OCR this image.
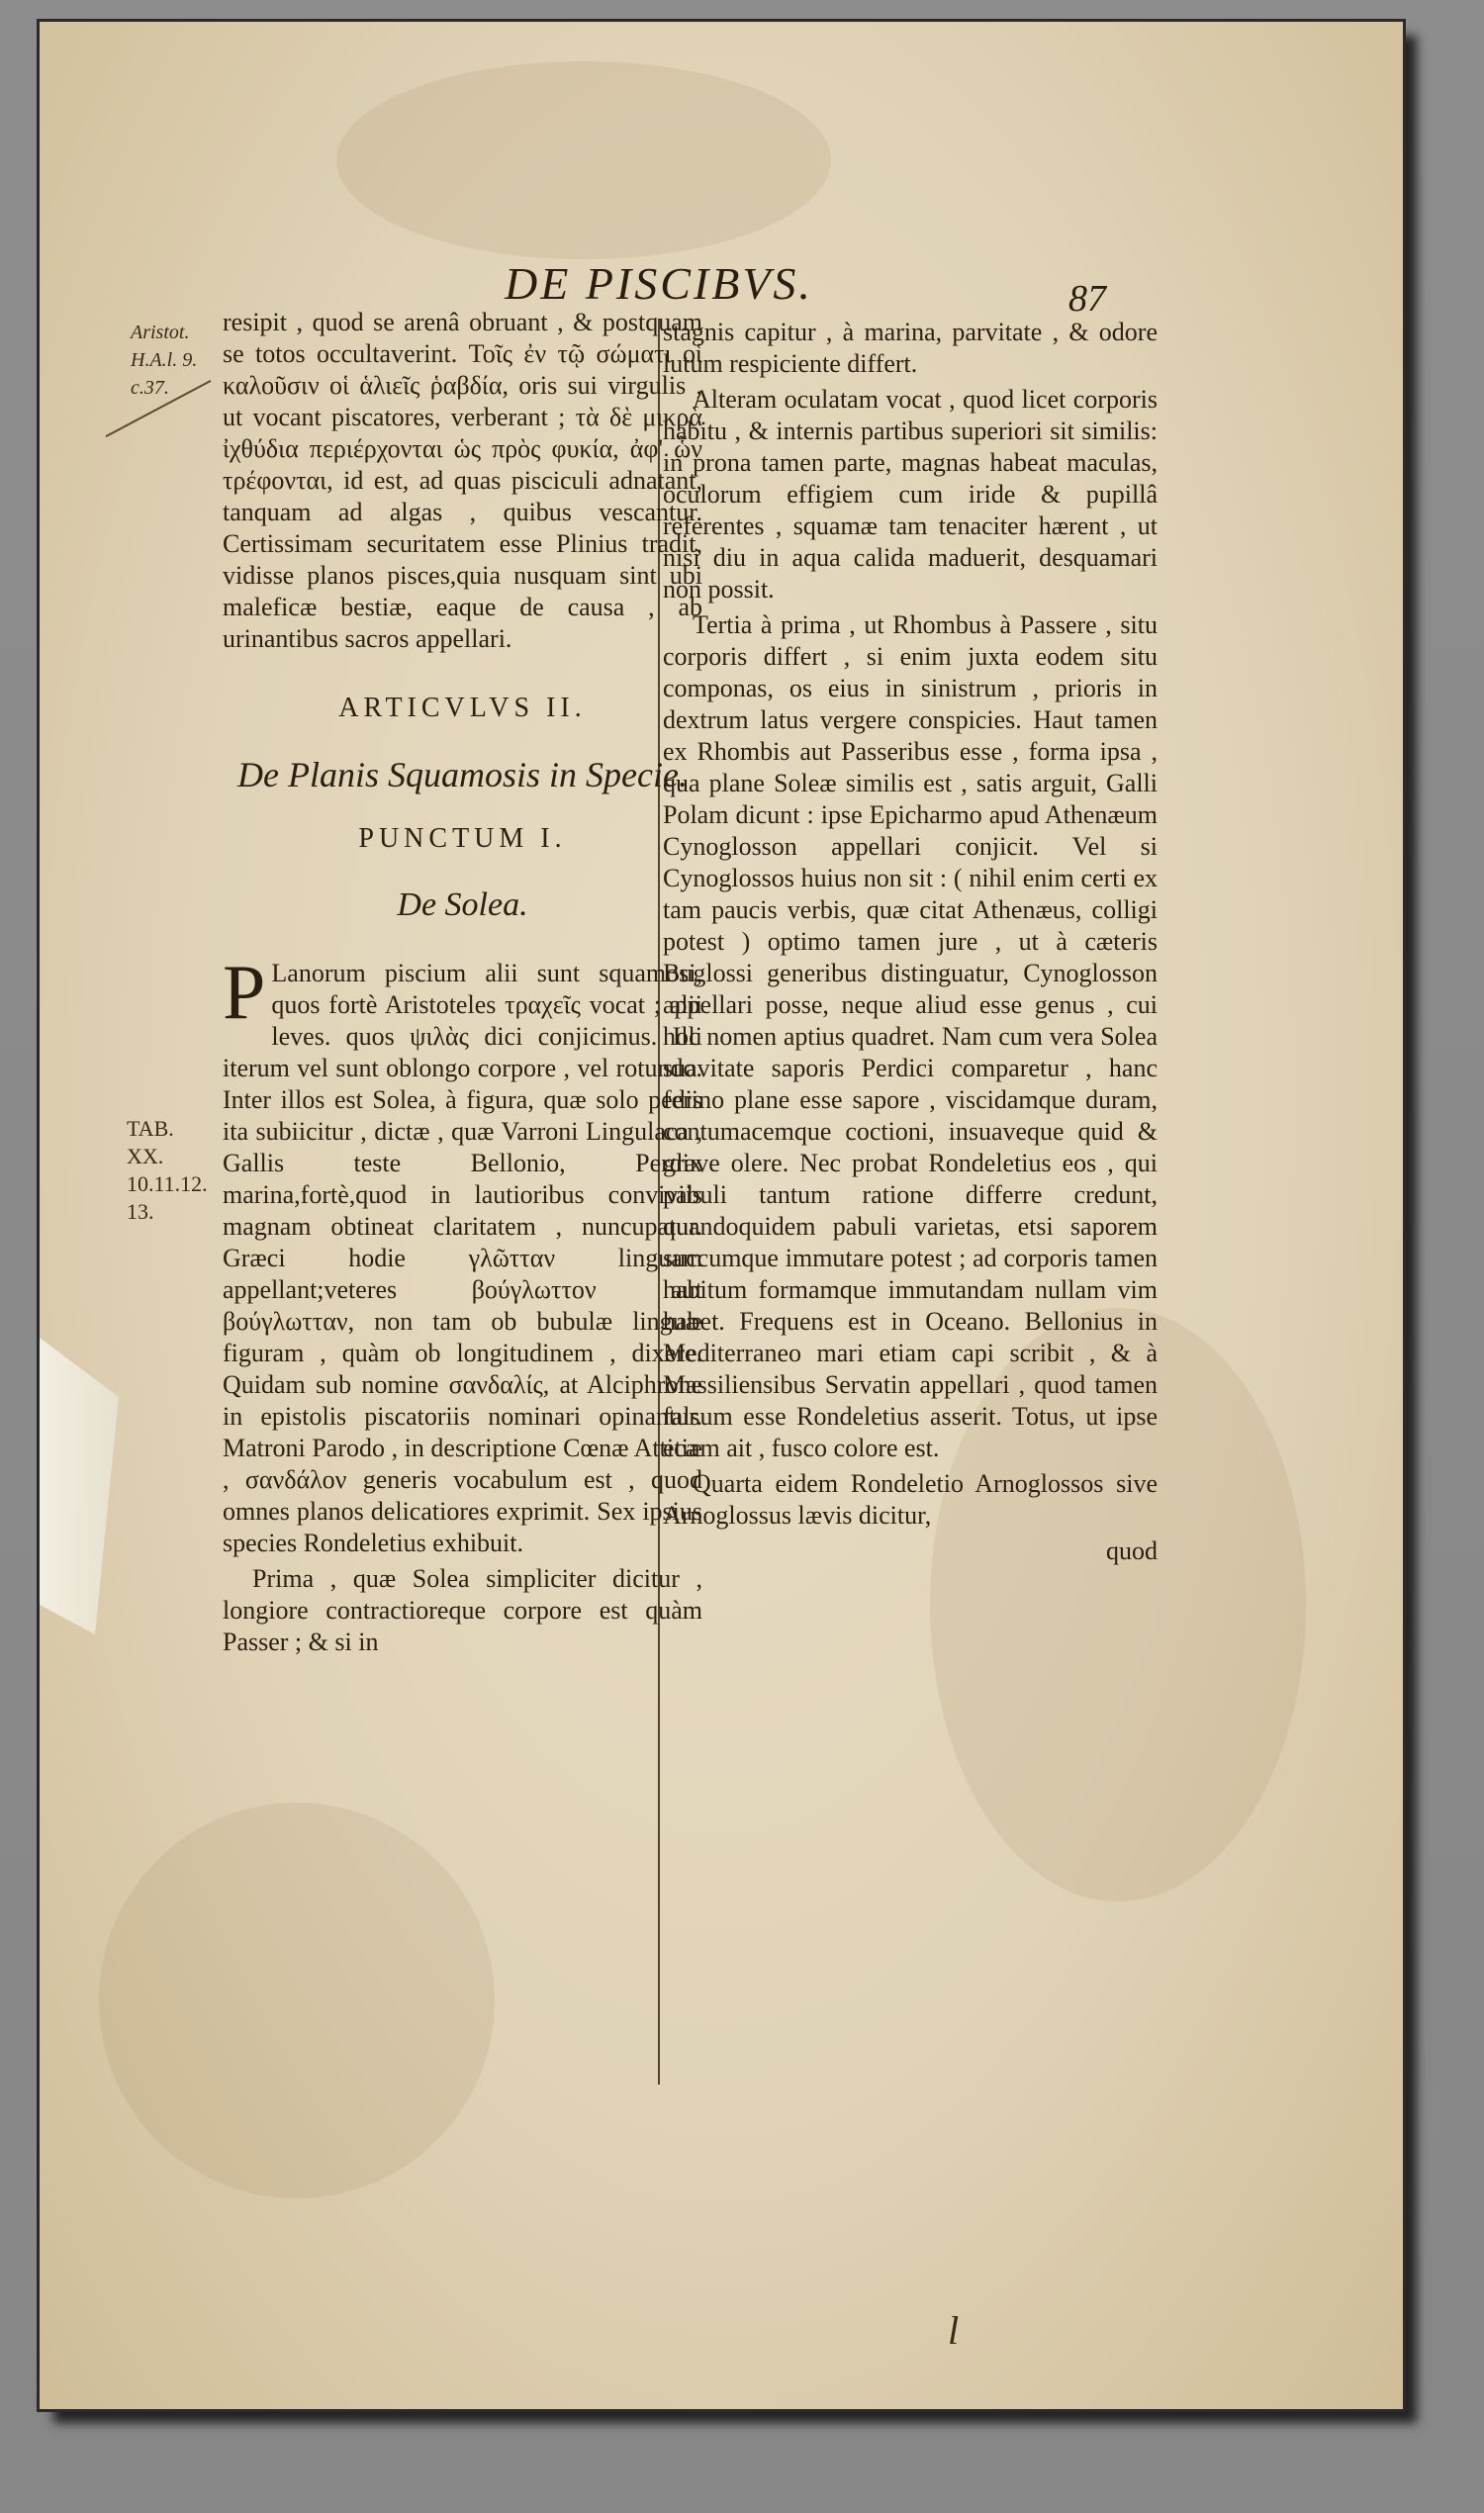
DE PISCIBVS.	87
Aristot.
H.A.l. 9.
c.37.
TAB.
XX.
10.11.12.
13.

resipit , quod se arenâ obruant , & postquam se totos occultaverint. Τοῖς ἐν τῷ σώματι οἱ καλοῦσιν οἱ ἁλιεῖς ῥαβδία, oris sui virgulis , ut vocant piscatores, verberant ; τὰ δὲ μικρὰ ἰχθύδια περιέρχονται ὡς πρὸς φυκία, ἀφ' ὧν τρέφονται, id est, ad quas pisciculi adnatant, tanquam ad algas , quibus vescantur. Certissimam securitatem esse Plinius tradit, vidisse planos pisces,quia nusquam sint ubi maleficæ bestiæ, eaque de causa , ab urinantibus sacros appellari.

ARTICVLVS II.
De Planis Squamosis in Specie.
PUNCTUM I.
De Solea.

P Lanorum piscium alii sunt squamosi, quos fortè Aristoteles τραχεῖς vocat ; alii leves. quos ψιλὰς dici conjicimus. Illi iterum vel sunt oblongo corpore , vel rotundo. Inter illos est Solea, à figura, quæ solo pedis ita subiicitur , dictæ , quæ Varroni Lingulaca , Gallis teste Bellonio, Perdix marina,fortè,quod in lautioribus conviviis magnam obtineat claritatem , nuncupatur. Græci hodie γλῶτταν linguam appellant;veteres βούγλωττον aut βούγλωτταν, non tam ob bubulæ linguæ figuram , quàm ob longitudinem , dixere. Quidam sub nomine σανδαλίς, at Alciphrone in epistolis piscatoriis nominari opinantur. Matroni Parodo , in descriptione Cœnæ Atticæ , σανδάλον generis vocabulum est , quod omnes planos delicatiores exprimit. Sex ipsius species Rondeletius exhibuit.

Prima , quæ Solea simpliciter dicitur , longiore contractioreque corpore est quàm Passer ; & si in

stagnis capitur , à marina, parvitate , & odore lutum respiciente differt.

Alteram oculatam vocat , quod licet corporis habitu , & internis partibus superiori sit similis: in prona tamen parte, magnas habeat maculas, oculorum effigiem cum iride & pupillâ referentes , squamæ tam tenaciter hærent , ut nisi diu in aqua calida maduerit, desquamari non possit.

Tertia à prima , ut Rhombus à Passere , situ corporis differt , si enim juxta eodem situ componas, os eius in sinistrum , prioris in dextrum latus vergere conspicies. Haut tamen ex Rhombis aut Passeribus esse , forma ipsa , qua plane Soleæ similis est , satis arguit, Galli Polam dicunt : ipse Epicharmo apud Athenæum Cynoglosson appellari conjicit. Vel si Cynoglossos huius non sit : ( nihil enim certi ex tam paucis verbis, quæ citat Athenæus, colligi potest ) optimo tamen jure , ut à cæteris Buglossi generibus distinguatur, Cynoglosson appellari posse, neque aliud esse genus , cui hoc nomen aptius quadret. Nam cum vera Solea suavitate saporis Perdici comparetur , hanc ferino plane esse sapore , viscidamque duram, contumacemque coctioni, insuaveque quid & grave olere. Nec probat Rondeletius eos , qui pabuli tantum ratione differre credunt, quandoquidem pabuli varietas, etsi saporem succumque immutare potest ; ad corporis tamen habitum formamque immutandam nullam vim habet. Frequens est in Oceano. Bellonius in Mediterraneo mari etiam capi scribit , & à Massiliensibus Servatin appellari , quod tamen falsum esse Rondeletius asserit. Totus, ut ipse etiam ait , fusco colore est.

Quarta eidem Rondeletio Arnoglossos sive Arnoglossus lævis dicitur,

quod
l
